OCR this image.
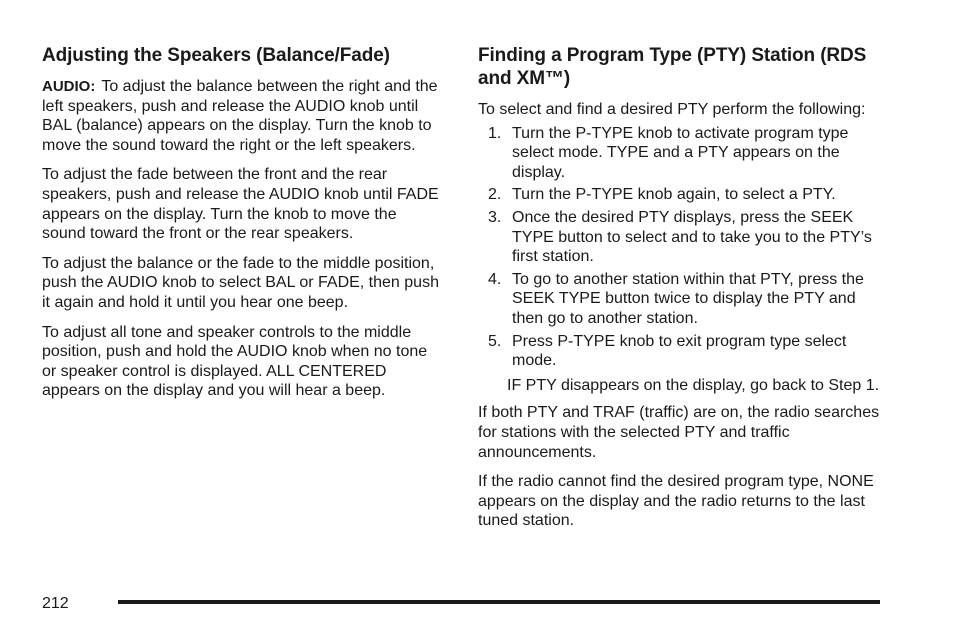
Adjusting the Speakers (Balance/Fade)

AUDIO: To adjust the balance between the right and the left speakers, push and release the AUDIO knob until BAL (balance) appears on the display. Turn the knob to move the sound toward the right or the left speakers.

To adjust the fade between the front and the rear speakers, push and release the AUDIO knob until FADE appears on the display. Turn the knob to move the sound toward the front or the rear speakers.

To adjust the balance or the fade to the middle position, push the AUDIO knob to select BAL or FADE, then push it again and hold it until you hear one beep.

To adjust all tone and speaker controls to the middle position, push and hold the AUDIO knob when no tone or speaker control is displayed. ALL CENTERED appears on the display and you will hear a beep.

Finding a Program Type (PTY) Station (RDS and XM™)

To select and find a desired PTY perform the following:

1. Turn the P-TYPE knob to activate program type select mode. TYPE and a PTY appears on the display.
2. Turn the P-TYPE knob again, to select a PTY.
3. Once the desired PTY displays, press the SEEK TYPE button to select and to take you to the PTY’s first station.
4. To go to another station within that PTY, press the SEEK TYPE button twice to display the PTY and then go to another station.
5. Press P-TYPE knob to exit program type select mode.

IF PTY disappears on the display, go back to Step 1.

If both PTY and TRAF (traffic) are on, the radio searches for stations with the selected PTY and traffic announcements.

If the radio cannot find the desired program type, NONE appears on the display and the radio returns to the last tuned station.

212
